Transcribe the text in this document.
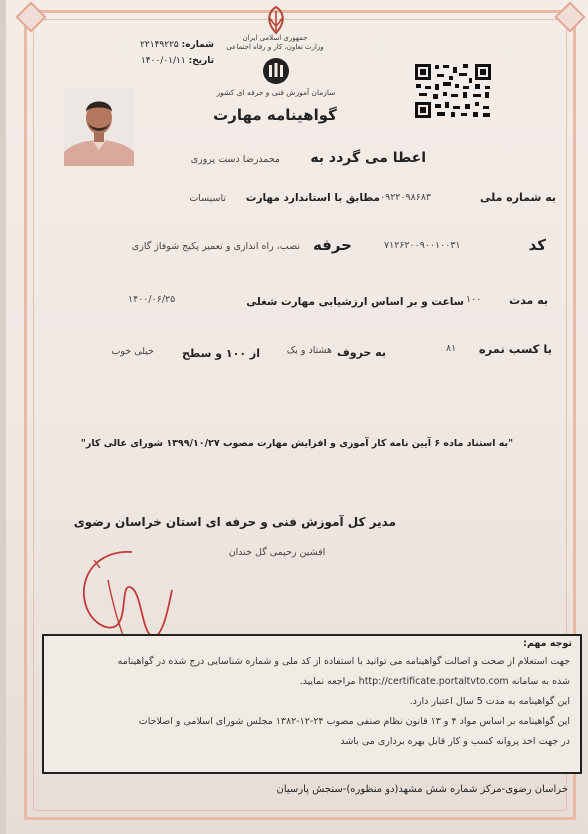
جمهوری اسلامی ایران
وزارت تعاون، کار و رفاه اجتماعی
شماره: ۲۲۱۴۹۲۲۵
تاریخ: ۱۴۰۰/۰۱/۱۱
سازمان آموزش فنی و حرفه ای کشور
گواهینامه مهارت
اعطا می گردد به
محمدرضا دست پروری
به شماره ملی
۰۹۲۲۰۹۸۶۸۳
مطابق با استاندارد مهارت
تاسیسات
کد
۷۱۲۶۲۰۰۹۰۰۱۰۰۳۱
حرفه
نصب، راه اندازی و تعمیر پکیج شوفاژ گازی
به مدت
۱۰۰
ساعت و بر اساس ارزشیابی مهارت شغلی
۱۴۰۰/۰۶/۲۵
با کسب نمره
۸۱
به حروف
هشتاد و یک
از ۱۰۰ و سطح
خیلی خوب
"به استناد ماده ۶ آیین نامه کار آموزی و افزایش مهارت مصوب ۱۳۹۹/۱۰/۲۷ شورای عالی کار"
مدیر کل آموزش فنی و حرفه ای استان خراسان رضوی
افشین رحیمی گل خندان
توجه مهم:
جهت استعلام از صحت و اصالت گواهینامه می توانید با استفاده از کد ملی و شماره شناسایی درج شده در گواهینامه
شده به سامانه http://certificate.portaltvto.com مراجعه نمایید.
این گواهینامه به مدت 5 سال اعتبار دارد.
این گواهینامه بر اساس مواد ۴ و ۱۳ قانون نظام صنفی مصوب ۲۴-۱۲-۱۳۸۲ مجلس شورای اسلامی و اصلاحات
در جهت اخذ پروانه کسب و کار قابل بهره برداری می باشد
خراسان رضوی-مرکز شماره شش مشهد(دو منظوره)-سنجش پارسیان
